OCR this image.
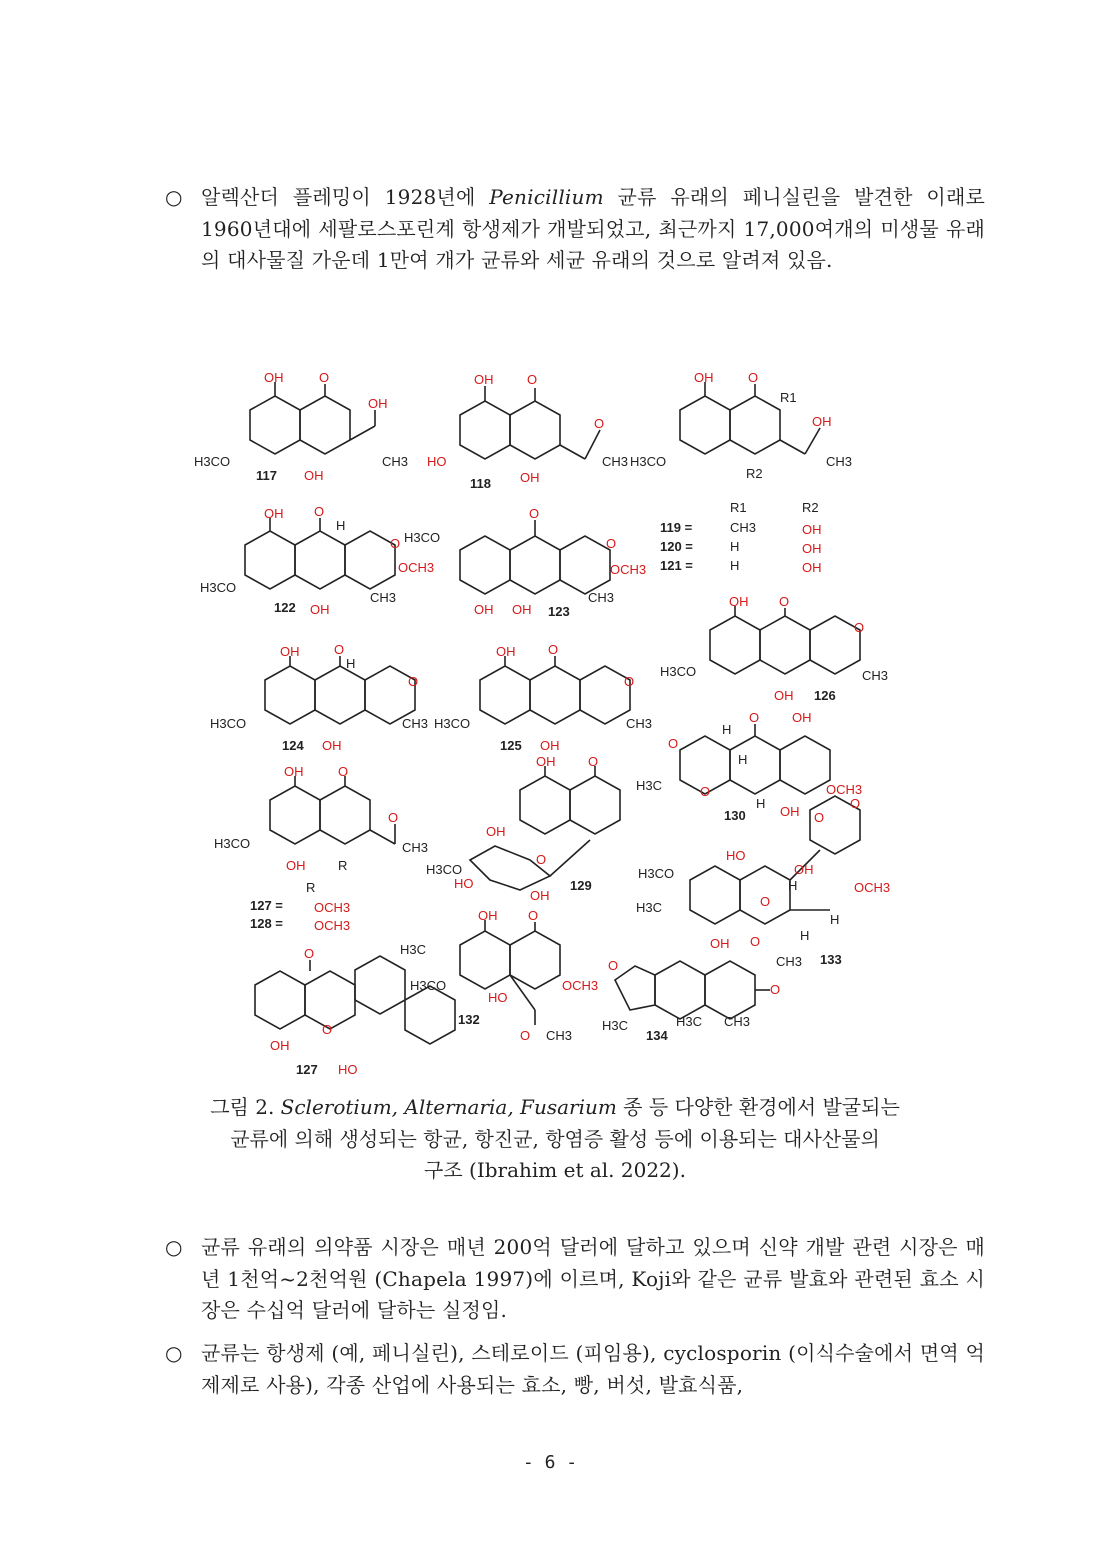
○ 알렉산더 플레밍이 1928년에 Penicillium 균류 유래의 페니실린을 발견한 이래로 1960년대에 세팔로스포린계 항생제가 개발되었고, 최근까지 17,000여개의 미생물 유래의 대사물질 가운데 1만여 개가 균류와 세균 유래의 것으로 알려져 있음.
OH	O
OH
H3CO	CH3
OH
117
OH	O
O
HO	CH3
OH
118
OH	O
R1
OH
H3CO	CH3
R2
R1	R2
119 =	CH3	OH
120 =	H	OH
121 =	H	OH
OH O
H
O
OCH3
CH3
H3CO
OH
122
O
H3CO	O
OCH3
CH3
OH OH 123
OH O
O
CH3
H3CO
OH 126
OH	O
H
O
H3CO	CH3
OH
124
OH	O
O
H3CO	CH3
OH
125
O
H
OH
O
H
H3C	O	OCH3
H
OH
130
OH	O
O
H3CO	CH3
OH	R
R
127 = OCH3
128 = OCH3
OH	O
OH
O
H3CO
HO
OH
129
O
O
HO
OH
H	OCH3
H3CO
H3C	O
H
OH O	H
CH3 133
O
O
OH
HO
127
OH O
H3C
H3CO	OCH3
HO
132
O CH3
O
O
H3C	H3C CH3
134
그림 2. Sclerotium, Alternaria, Fusarium 종 등 다양한 환경에서 발굴되는
균류에 의해 생성되는 항균, 항진균, 항염증 활성 등에 이용되는 대사산물의
구조 (Ibrahim et al. 2022).
○ 균류 유래의 의약품 시장은 매년 200억 달러에 달하고 있으며 신약 개발 관련 시장은 매년 1천억~2천억원 (Chapela 1997)에 이르며, Koji와 같은 균류 발효와 관련된 효소 시장은 수십억 달러에 달하는 실정임.
○ 균류는 항생제 (예, 페니실린), 스테로이드 (피임용), cyclosporin (이식수술에서 면역 억제제로 사용), 각종 산업에 사용되는 효소, 빵, 버섯, 발효식품,
- 6 -
